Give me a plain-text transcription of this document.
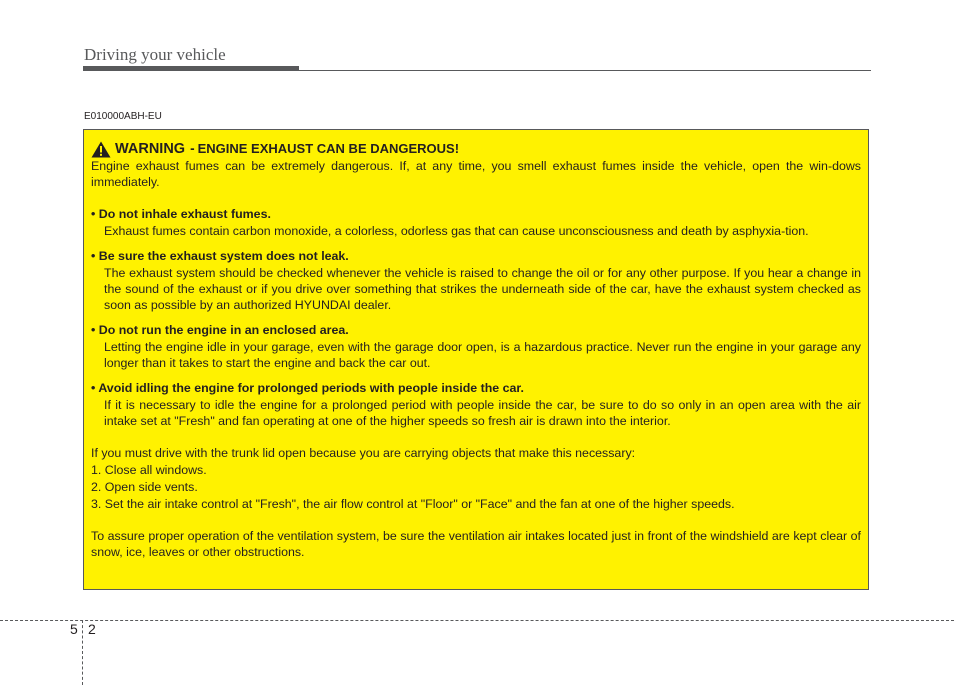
Driving your vehicle
E010000ABH-EU
WARNING - ENGINE EXHAUST CAN BE DANGEROUS!

Engine exhaust fumes can be extremely dangerous. If, at any time, you smell exhaust fumes inside the vehicle, open the win-dows immediately.

• Do not inhale exhaust fumes.

Exhaust fumes contain carbon monoxide, a colorless, odorless gas that can cause unconsciousness and death by asphyxia-tion.

• Be sure the exhaust system does not leak.

The exhaust system should be checked whenever the vehicle is raised to change the oil or for any other purpose. If you hear a change in the sound of the exhaust or if you drive over something that strikes the underneath side of the car, have the exhaust system checked as soon as possible by an authorized HYUNDAI dealer.

• Do not run the engine in an enclosed area.

Letting the engine idle in your garage, even with the garage door open, is a hazardous practice. Never run the engine in your garage any longer than it takes to start the engine and back the car out.

• Avoid idling the engine for prolonged periods with people inside the car.

If it is necessary to idle the engine for a prolonged period with people inside the car, be sure to do so only in an open area with the air intake set at "Fresh" and fan operating at one of the higher speeds so fresh air is drawn into the interior.

If you must drive with the trunk lid open because you are carrying objects that make this necessary:

1. Close all windows.
2. Open side vents.
3. Set the air intake control at "Fresh", the air flow control at "Floor" or "Face" and the fan at one of the higher speeds.

To assure proper operation of the ventilation system, be sure the ventilation air intakes located just in front of the windshield are kept clear of snow, ice, leaves or other obstructions.

5 2
